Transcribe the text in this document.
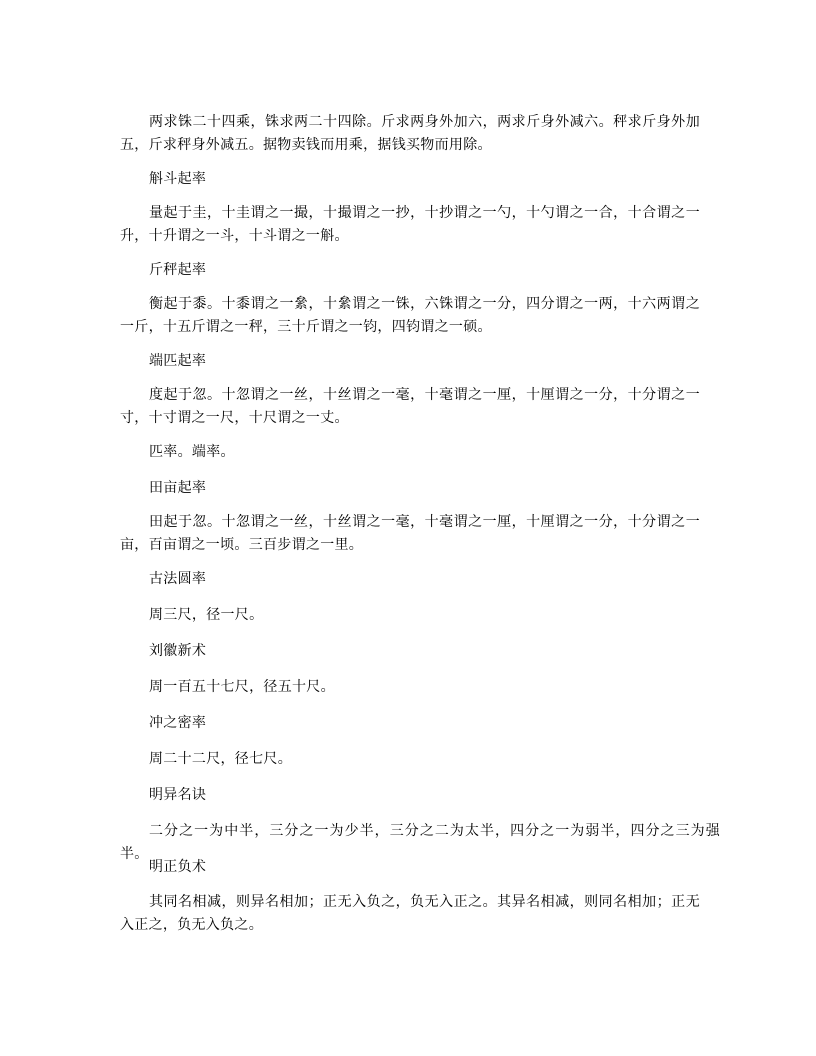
两求铢二十四乘，铢求两二十四除。斤求两身外加六，两求斤身外减六。秤求斤身外加五，斤求秤身外减五。据物卖钱而用乘，据钱买物而用除。

斛斗起率

量起于圭，十圭谓之一撮，十撮谓之一抄，十抄谓之一勺，十勺谓之一合，十合谓之一升，十升谓之一斗，十斗谓之一斛。

斤秤起率

衡起于黍。十黍谓之一絫，十絫谓之一铢，六铢谓之一分，四分谓之一两，十六两谓之一斤，十五斤谓之一秤，三十斤谓之一钧，四钧谓之一硕。

端匹起率

度起于忽。十忽谓之一丝，十丝谓之一毫，十毫谓之一厘，十厘谓之一分，十分谓之一寸，十寸谓之一尺，十尺谓之一丈。

匹率。端率。

田亩起率

田起于忽。十忽谓之一丝，十丝谓之一毫，十毫谓之一厘，十厘谓之一分，十分谓之一亩，百亩谓之一顷。三百步谓之一里。

古法圆率

周三尺，径一尺。

刘徽新术

周一百五十七尺，径五十尺。

冲之密率

周二十二尺，径七尺。

明异名诀

二分之一为中半，三分之一为少半，三分之二为太半，四分之一为弱半，四分之三为强半。

明正负术

其同名相减，则异名相加；正无入负之，负无入正之。其异名相减，则同名相加；正无入正之，负无入负之。
